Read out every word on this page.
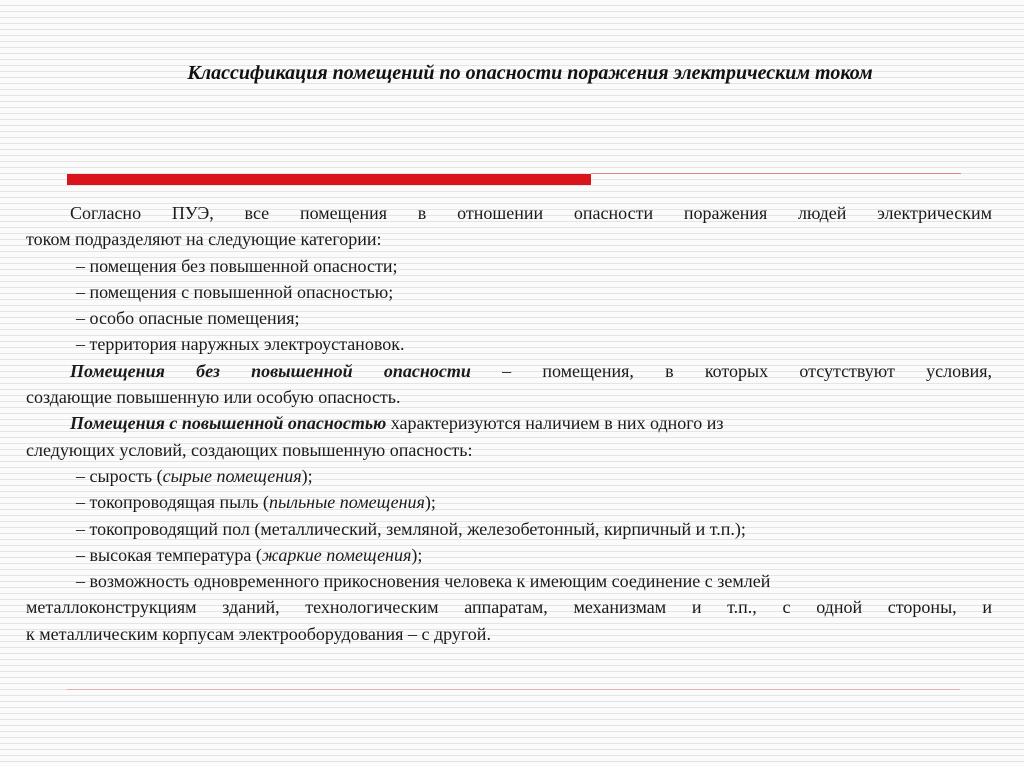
Классификация помещений по опасности поражения электрическим током

Согласно ПУЭ, все помещения в отношении опасности поражения людей электрическим

током подразделяют на следующие категории:

– помещения без повышенной опасности;

– помещения с повышенной опасностью;

– особо опасные помещения;

– территория наружных электроустановок.

Помещения без повышенной опасности – помещения, в которых отсутствуют условия,

создающие повышенную или особую опасность.

Помещения с повышенной опасностью характеризуются наличием в них одного из

следующих условий, создающих повышенную опасность:

– сырость (сырые помещения);

– токопроводящая пыль (пыльные помещения);

– токопроводящий пол (металлический, земляной, железобетонный, кирпичный и т.п.);

– высокая температура (жаркие помещения);

– возможность одновременного прикосновения человека к имеющим соединение с землей

металлоконструкциям зданий, технологическим аппаратам, механизмам и т.п., с одной стороны, и

к металлическим корпусам электрооборудования – с другой.
